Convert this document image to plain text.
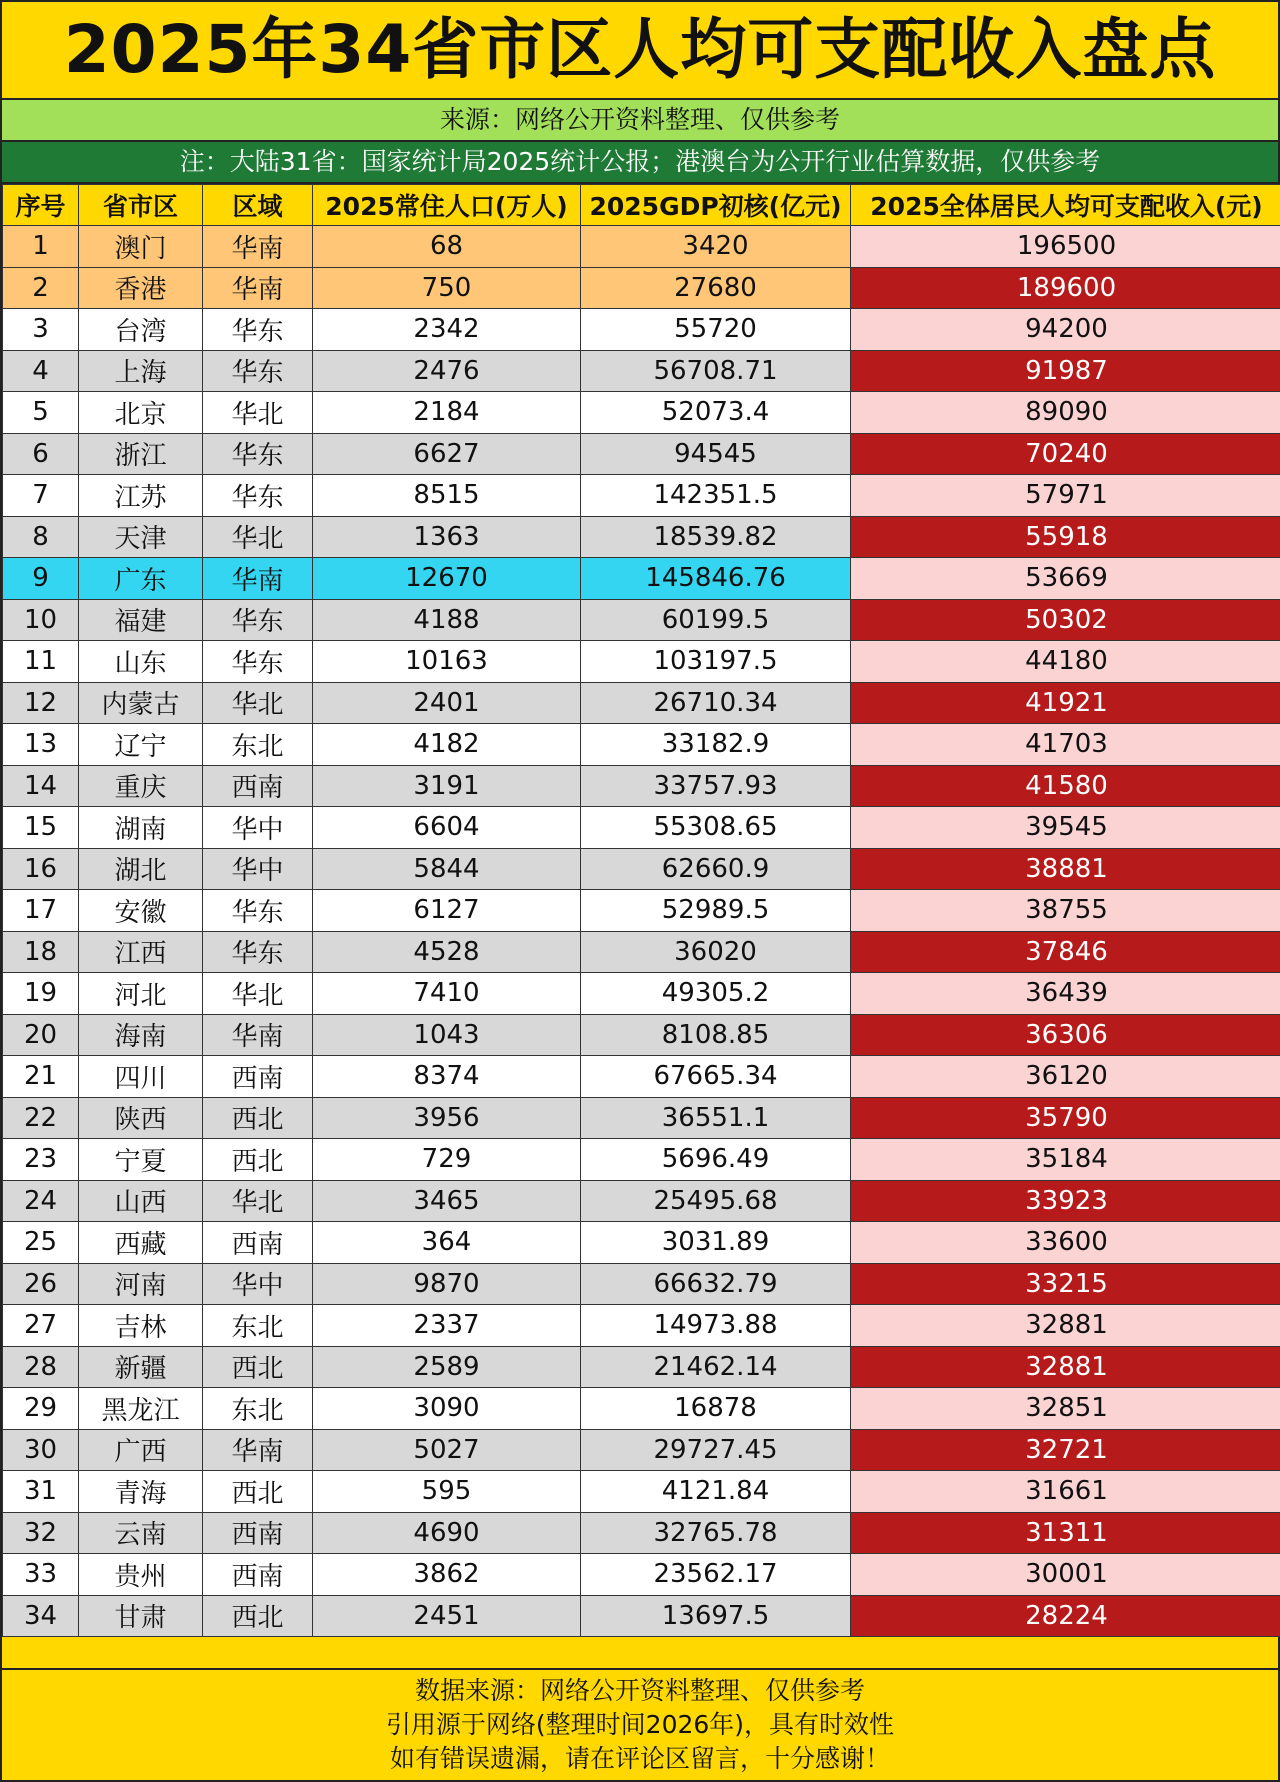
2025年34省市区人均可支配收入盘点
来源：网络公开资料整理、仅供参考
注：大陆31省：国家统计局2025统计公报；港澳台为公开行业估算数据，仅供参考
序号	省市区	区域	2025常住人口(万人)	2025GDP初核(亿元)	2025全体居民人均可支配收入(元)
1	澳门	华南	68	3420	196500
2	香港	华南	750	27680	189600
3	台湾	华东	2342	55720	94200
4	上海	华东	2476	56708.71	91987
5	北京	华北	2184	52073.4	89090
6	浙江	华东	6627	94545	70240
7	江苏	华东	8515	142351.5	57971
8	天津	华北	1363	18539.82	55918
9	广东	华南	12670	145846.76	53669
10	福建	华东	4188	60199.5	50302
11	山东	华东	10163	103197.5	44180
12	内蒙古	华北	2401	26710.34	41921
13	辽宁	东北	4182	33182.9	41703
14	重庆	西南	3191	33757.93	41580
15	湖南	华中	6604	55308.65	39545
16	湖北	华中	5844	62660.9	38881
17	安徽	华东	6127	52989.5	38755
18	江西	华东	4528	36020	37846
19	河北	华北	7410	49305.2	36439
20	海南	华南	1043	8108.85	36306
21	四川	西南	8374	67665.34	36120
22	陕西	西北	3956	36551.1	35790
23	宁夏	西北	729	5696.49	35184
24	山西	华北	3465	25495.68	33923
25	西藏	西南	364	3031.89	33600
26	河南	华中	9870	66632.79	33215
27	吉林	东北	2337	14973.88	32881
28	新疆	西北	2589	21462.14	32881
29	黑龙江	东北	3090	16878	32851
30	广西	华南	5027	29727.45	32721
31	青海	西北	595	4121.84	31661
32	云南	西南	4690	32765.78	31311
33	贵州	西南	3862	23562.17	30001
34	甘肃	西北	2451	13697.5	28224
数据来源：网络公开资料整理、仅供参考
引用源于网络(整理时间2026年)，具有时效性
如有错误遗漏，请在评论区留言，十分感谢！
